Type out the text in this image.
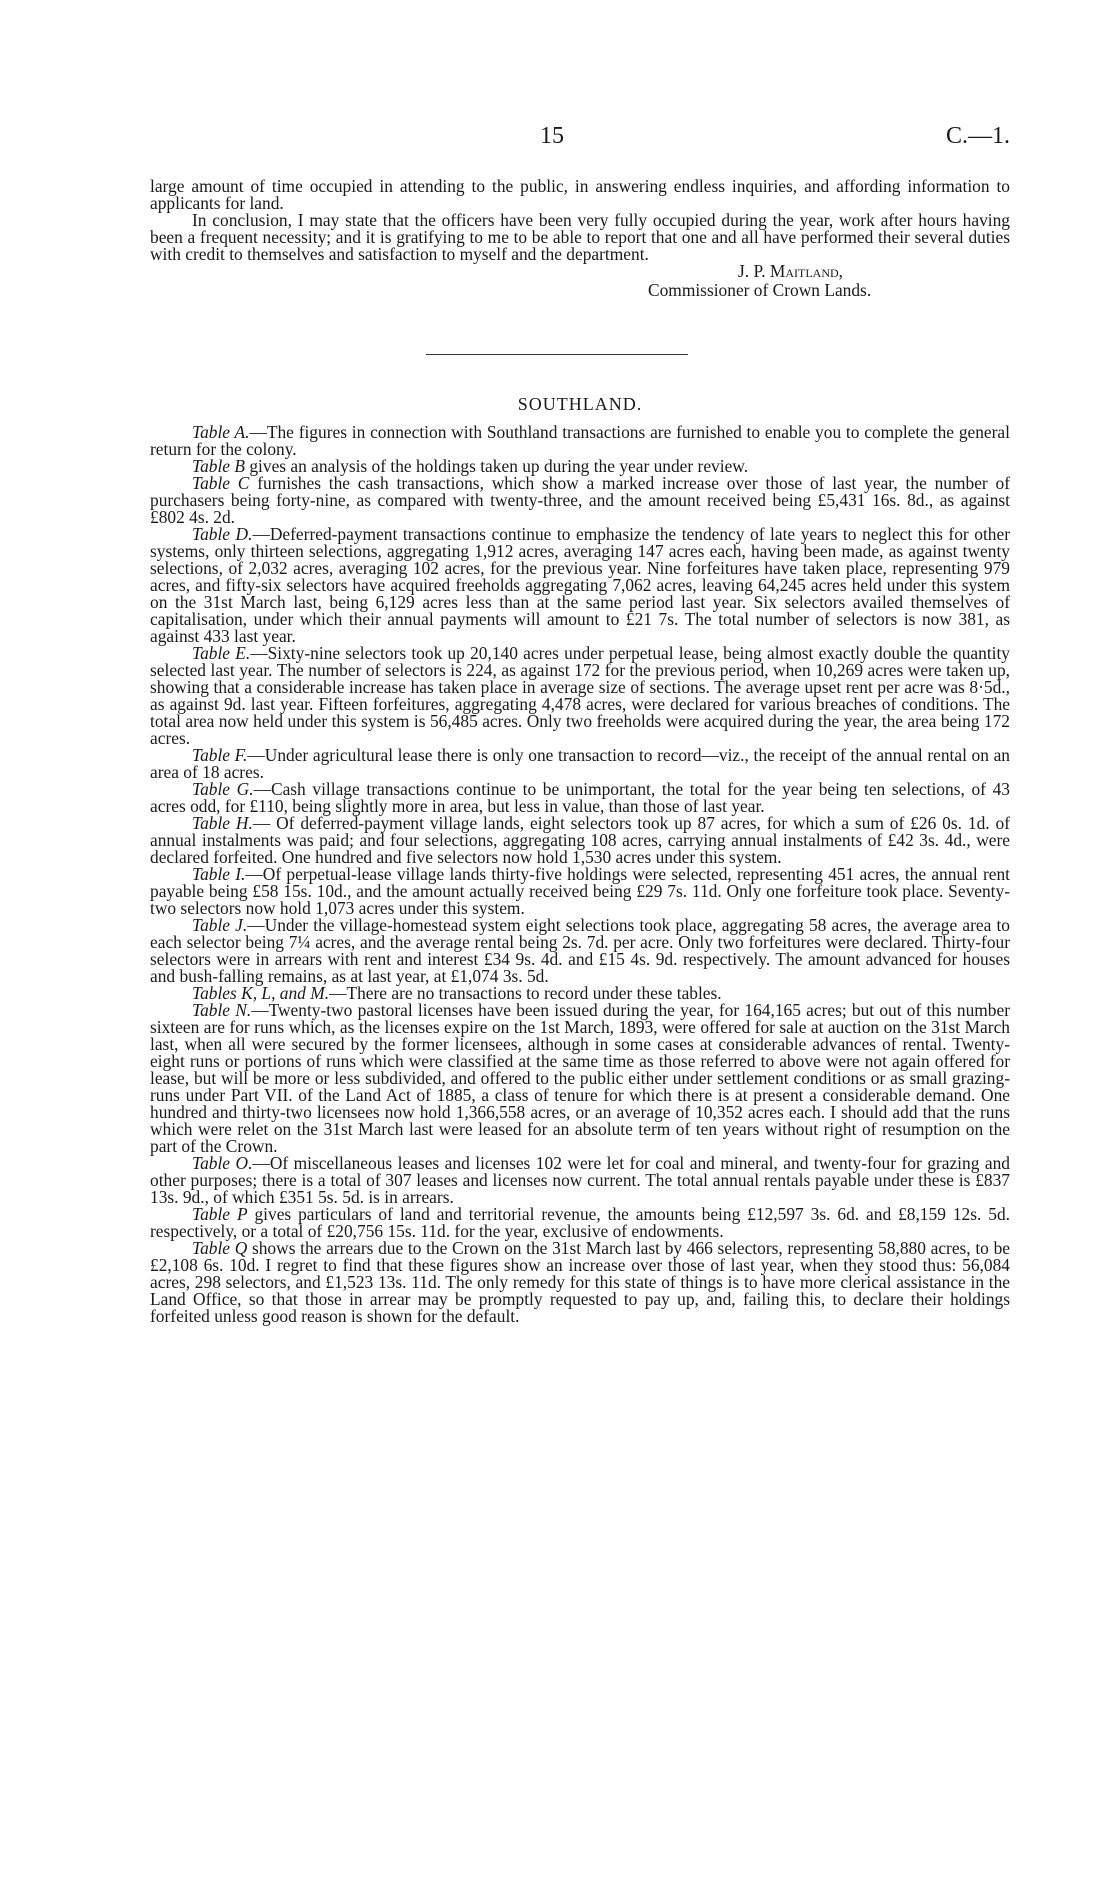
15	C.—1.

large amount of time occupied in attending to the public, in answering endless inquiries, and affording information to applicants for land.

In conclusion, I may state that the officers have been very fully occupied during the year, work after hours having been a frequent necessity; and it is gratifying to me to be able to report that one and all have performed their several duties with credit to themselves and satisfaction to myself and the department.

J. P. Maitland,
Commissioner of Crown Lands.
SOUTHLAND.

Table A.—The figures in connection with Southland transactions are furnished to enable you to complete the general return for the colony.

Table B gives an analysis of the holdings taken up during the year under review.

Table C furnishes the cash transactions, which show a marked increase over those of last year, the number of purchasers being forty-nine, as compared with twenty-three, and the amount received being £5,431 16s. 8d., as against £802 4s. 2d.

Table D.—Deferred-payment transactions continue to emphasize the tendency of late years to neglect this for other systems, only thirteen selections, aggregating 1,912 acres, averaging 147 acres each, having been made, as against twenty selections, of 2,032 acres, averaging 102 acres, for the previous year. Nine forfeitures have taken place, representing 979 acres, and fifty-six selectors have acquired freeholds aggregating 7,062 acres, leaving 64,245 acres held under this system on the 31st March last, being 6,129 acres less than at the same period last year. Six selectors availed themselves of capitalisation, under which their annual payments will amount to £21 7s. The total number of selectors is now 381, as against 433 last year.

Table E.—Sixty-nine selectors took up 20,140 acres under perpetual lease, being almost exactly double the quantity selected last year. The number of selectors is 224, as against 172 for the previous period, when 10,269 acres were taken up, showing that a considerable increase has taken place in average size of sections. The average upset rent per acre was 8·5d., as against 9d. last year. Fifteen forfeitures, aggregating 4,478 acres, were declared for various breaches of conditions. The total area now held under this system is 56,485 acres. Only two freeholds were acquired during the year, the area being 172 acres.

Table F.—Under agricultural lease there is only one transaction to record—viz., the receipt of the annual rental on an area of 18 acres.

Table G.—Cash village transactions continue to be unimportant, the total for the year being ten selections, of 43 acres odd, for £110, being slightly more in area, but less in value, than those of last year.

Table H.— Of deferred-payment village lands, eight selectors took up 87 acres, for which a sum of £26 0s. 1d. of annual instalments was paid; and four selections, aggregating 108 acres, carrying annual instalments of £42 3s. 4d., were declared forfeited. One hundred and five selectors now hold 1,530 acres under this system.

Table I.—Of perpetual-lease village lands thirty-five holdings were selected, representing 451 acres, the annual rent payable being £58 15s. 10d., and the amount actually received being £29 7s. 11d. Only one forfeiture took place. Seventy-two selectors now hold 1,073 acres under this system.

Table J.—Under the village-homestead system eight selections took place, aggregating 58 acres, the average area to each selector being 7¼ acres, and the average rental being 2s. 7d. per acre. Only two forfeitures were declared. Thirty-four selectors were in arrears with rent and interest £34 9s. 4d. and £15 4s. 9d. respectively. The amount advanced for houses and bush-falling remains, as at last year, at £1,074 3s. 5d.

Tables K, L, and M.—There are no transactions to record under these tables.

Table N.—Twenty-two pastoral licenses have been issued during the year, for 164,165 acres; but out of this number sixteen are for runs which, as the licenses expire on the 1st March, 1893, were offered for sale at auction on the 31st March last, when all were secured by the former licensees, although in some cases at considerable advances of rental. Twenty-eight runs or portions of runs which were classified at the same time as those referred to above were not again offered for lease, but will be more or less subdivided, and offered to the public either under settlement conditions or as small grazing-runs under Part VII. of the Land Act of 1885, a class of tenure for which there is at present a considerable demand. One hundred and thirty-two licensees now hold 1,366,558 acres, or an average of 10,352 acres each. I should add that the runs which were relet on the 31st March last were leased for an absolute term of ten years without right of resumption on the part of the Crown.

Table O.—Of miscellaneous leases and licenses 102 were let for coal and mineral, and twenty-four for grazing and other purposes; there is a total of 307 leases and licenses now current. The total annual rentals payable under these is £837 13s. 9d., of which £351 5s. 5d. is in arrears.

Table P gives particulars of land and territorial revenue, the amounts being £12,597 3s. 6d. and £8,159 12s. 5d. respectively, or a total of £20,756 15s. 11d. for the year, exclusive of endowments.

Table Q shows the arrears due to the Crown on the 31st March last by 466 selectors, representing 58,880 acres, to be £2,108 6s. 10d. I regret to find that these figures show an increase over those of last year, when they stood thus: 56,084 acres, 298 selectors, and £1,523 13s. 11d. The only remedy for this state of things is to have more clerical assistance in the Land Office, so that those in arrear may be promptly requested to pay up, and, failing this, to declare their holdings forfeited unless good reason is shown for the default.
